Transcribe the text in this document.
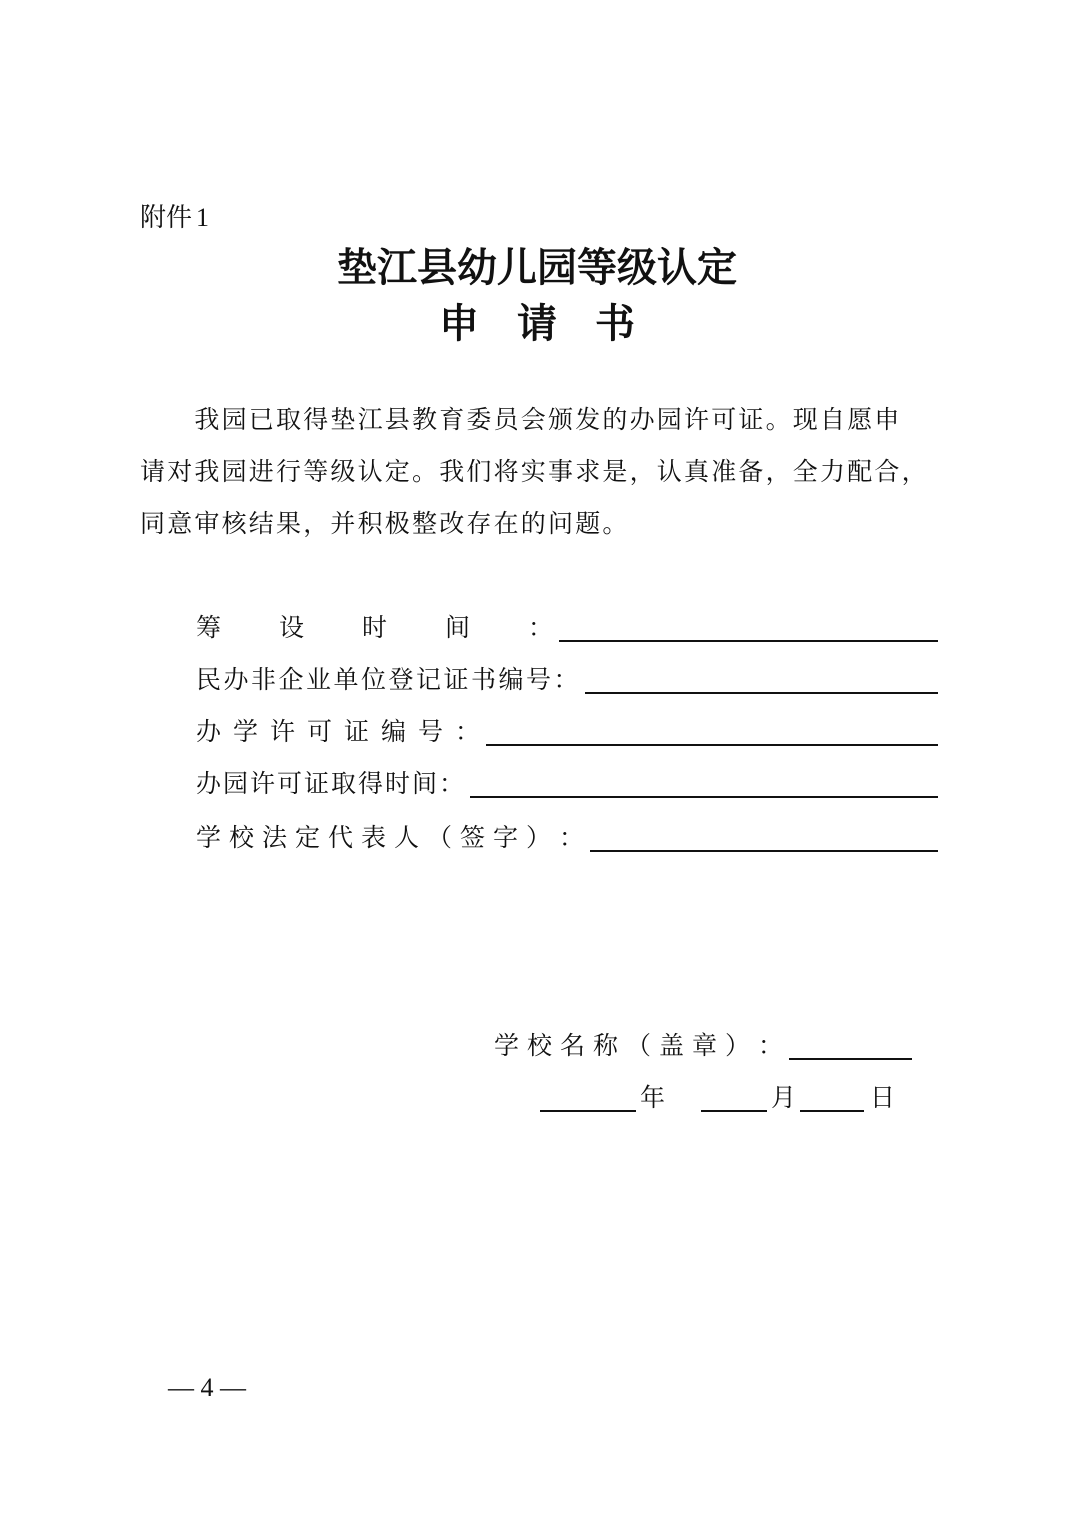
附件 1
垫江县幼儿园等级认定
申请书
　　我园已取得垫江县教育委员会颁发的办园许可证。现自愿申
请对我园进行等级认定。我们将实事求是，认真准备，全力配合，
同意审核结果，并积极整改存在的问题。
筹设时间 ：
民办非企业单位登记证书编号 ：
办学许可证编号 ：
办园许可证取得时间 ：
学校法定代表人（签字） ：
学校名称（盖章） ：
年	月	日
— 4 —
